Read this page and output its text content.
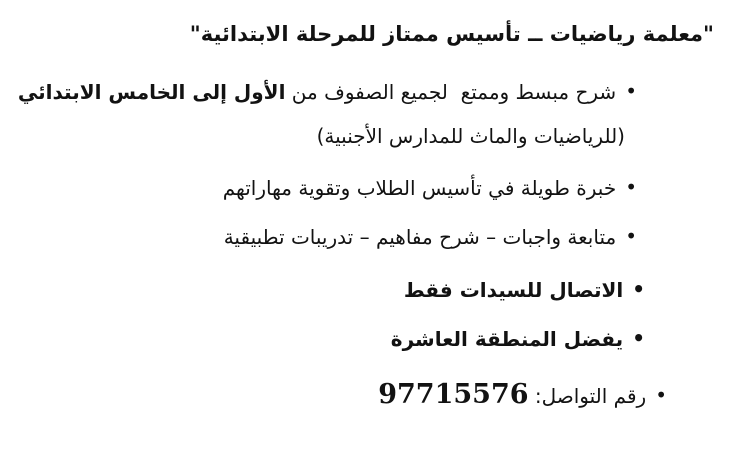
"معلمة رياضيات ــ تأسيس ممتاز للمرحلة الابتدائية"
•شرح مبسط وممتع  لجميع الصفوف من الأول إلى الخامس الابتدائي
(للرياضيات والماث للمدارس الأجنبية)
•خبرة طويلة في تأسيس الطلاب وتقوية مهاراتهم
•متابعة واجبات – شرح مفاهيم – تدريبات تطبيقية
•الاتصال للسيدات فقط
•يفضل المنطقة العاشرة
•رقم التواصل: 97715576
